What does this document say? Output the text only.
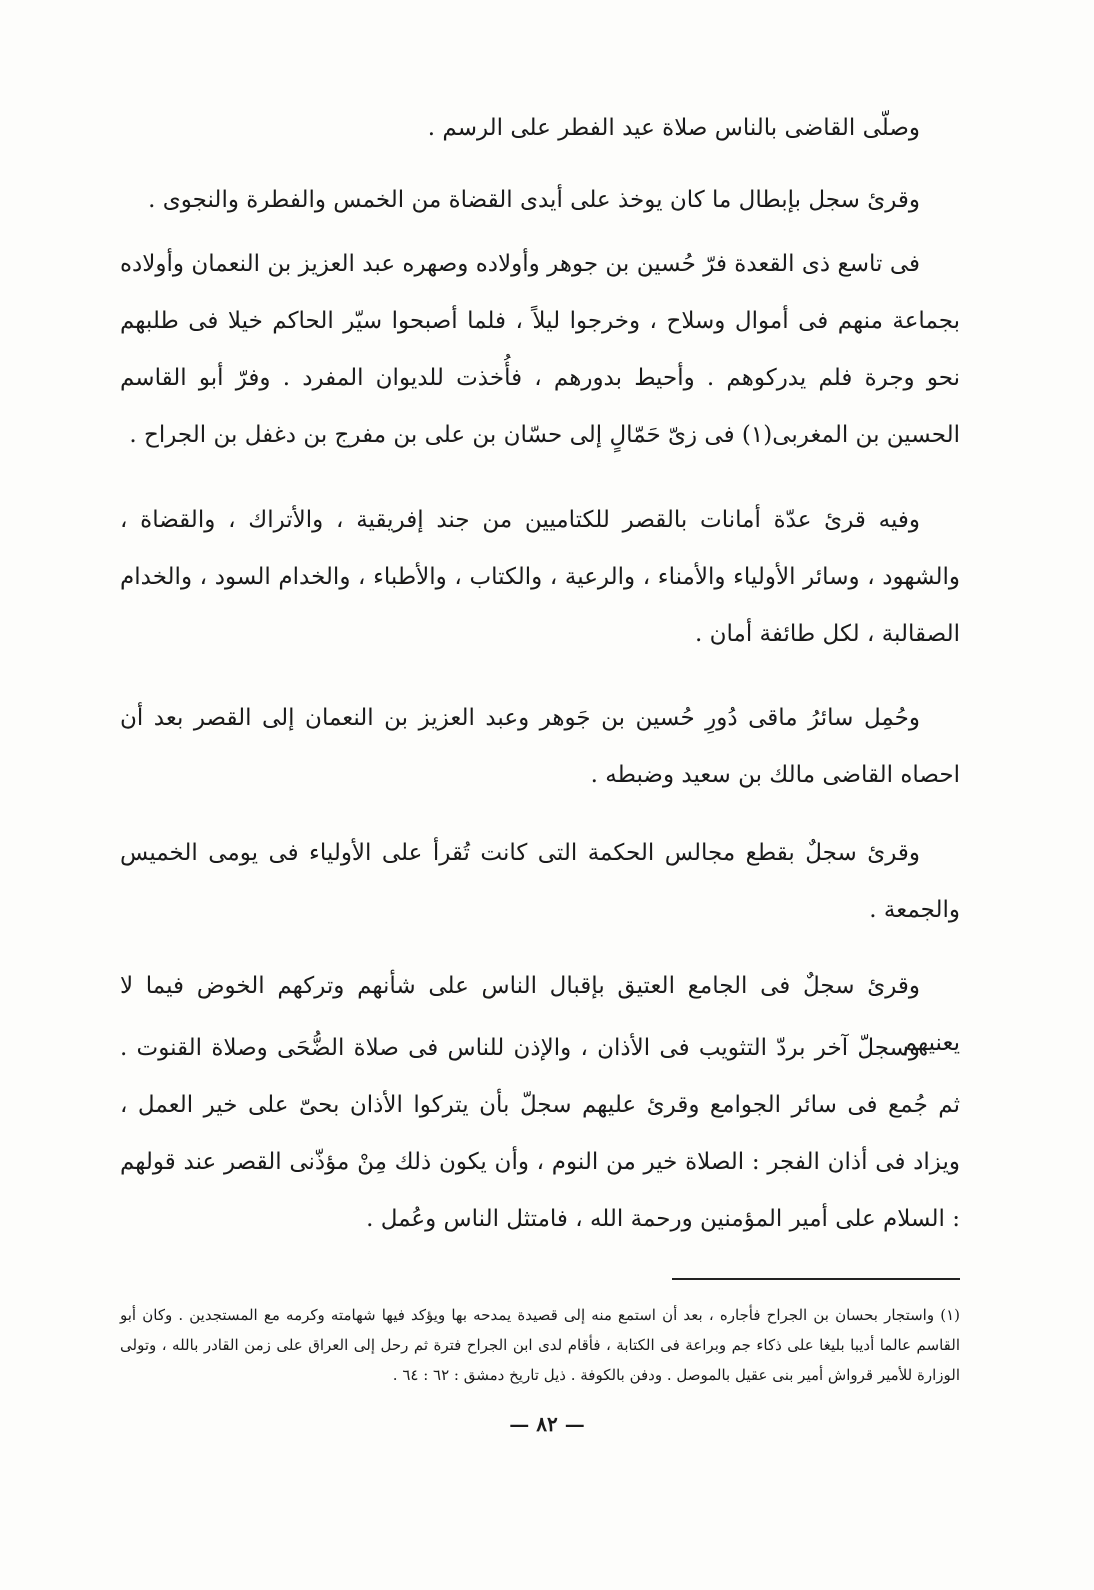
وصلّى القاضى بالناس صلاة عيد الفطر على الرسم .

وقرئ سجل بإبطال ما كان يوخذ على أيدى القضاة من الخمس والفطرة والنجوى .

فى تاسع ذى القعدة فرّ حُسين بن جوهر وأولاده وصهره عبد العزيز بن النعمان وأولاده بجماعة منهم فى أموال وسلاح ، وخرجوا ليلاً ، فلما أصبحوا سيّر الحاكم خيلا فى طلبهم نحو وجرة فلم يدركوهم . وأحيط بدورهم ، فأُخذت للديوان المفرد . وفرّ أبو القاسم الحسين بن المغربى(١) فى زىّ حَمّالٍ إلى حسّان بن على بن مفرج بن دغفل بن الجراح .

وفيه قرئ عدّة أمانات بالقصر للكتاميين من جند إفريقية ، والأتراك ، والقضاة ، والشهود ، وسائر الأولياء والأمناء ، والرعية ، والكتاب ، والأطباء ، والخدام السود ، والخدام الصقالبة ، لكل طائفة أمان .

وحُمِل سائرُ ماقى دُورِ حُسين بن جَوهر وعبد العزيز بن النعمان إلى القصر بعد أن احصاه القاضى مالك بن سعيد وضبطه .

وقرئ سجلٌ بقطع مجالس الحكمة التى كانت تُقرأ على الأولياء فى يومى الخميس والجمعة .

وقرئ سجلٌ فى الجامع العتيق بإقبال الناس على شأنهم وتركهم الخوض فيما لا يعنيهم

وسجلّ آخر بردّ التثويب فى الأذان ، والإذن للناس فى صلاة الضُّحَى وصلاة القنوت . ثم جُمع فى سائر الجوامع وقرئ عليهم سجلّ بأن يتركوا الأذان بحىّ على خير العمل ، ويزاد فى أذان الفجر : الصلاة خير من النوم ، وأن يكون ذلك مِنْ مؤذّنى القصر عند قولهم : السلام على أمير المؤمنين ورحمة الله ، فامتثل الناس وعُمل .

(١) واستجار بحسان بن الجراح فأجاره ، بعد أن استمع منه إلى قصيدة يمدحه بها ويؤكد فيها شهامته وكرمه مع المستجدين . وكان أبو القاسم عالما أديبا بليغا على ذكاء جم وبراعة فى الكتابة ، فأقام لدى ابن الجراح فترة ثم رحل إلى العراق على زمن القادر بالله ، وتولى الوزارة للأمير قرواش أمير بنى عقيل بالموصل . ودفن بالكوفة . ذيل تاريخ دمشق : ٦٢ : ٦٤ .

— ٨٢ —
